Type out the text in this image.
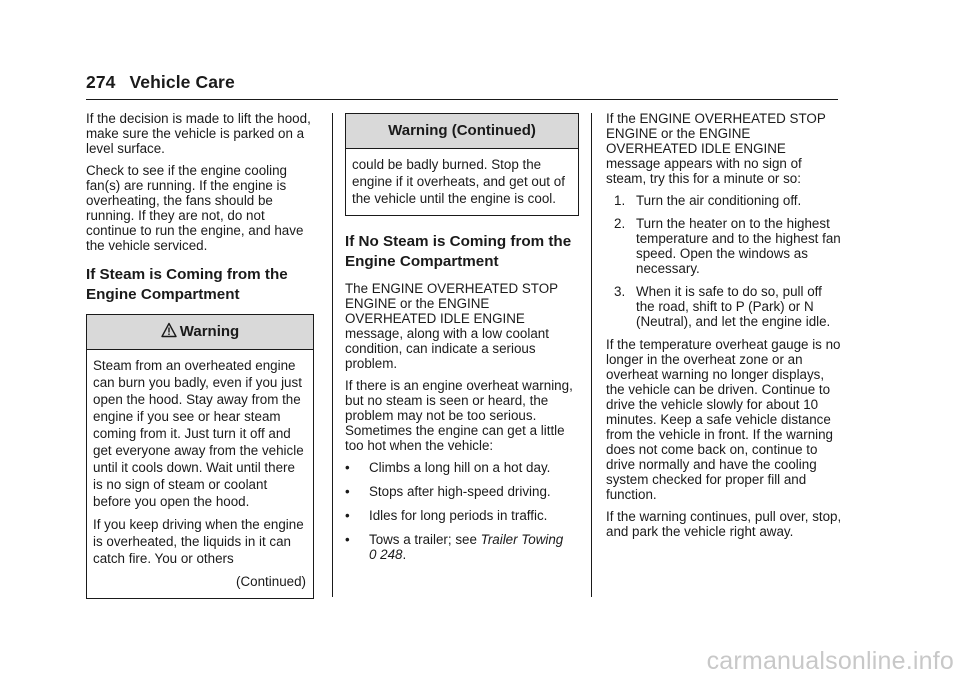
274 Vehicle Care

If the decision is made to lift the hood, make sure the vehicle is parked on a level surface.

Check to see if the engine cooling fan(s) are running. If the engine is overheating, the fans should be running. If they are not, do not continue to run the engine, and have the vehicle serviced.

If Steam is Coming from the Engine Compartment
Warning

Steam from an overheated engine can burn you badly, even if you just open the hood. Stay away from the engine if you see or hear steam coming from it. Just turn it off and get everyone away from the vehicle until it cools down. Wait until there is no sign of steam or coolant before you open the hood.

If you keep driving when the engine is overheated, the liquids in it can catch fire. You or others

(Continued)

Warning (Continued)

could be badly burned. Stop the engine if it overheats, and get out of the vehicle until the engine is cool.

If No Steam is Coming from the Engine Compartment

The ENGINE OVERHEATED STOP ENGINE or the ENGINE OVERHEATED IDLE ENGINE message, along with a low coolant condition, can indicate a serious problem.

If there is an engine overheat warning, but no steam is seen or heard, the problem may not be too serious. Sometimes the engine can get a little too hot when the vehicle:

• Climbs a long hill on a hot day.
• Stops after high-speed driving.
• Idles for long periods in traffic.
• Tows a trailer; see Trailer Towing
0 248.

If the ENGINE OVERHEATED STOP ENGINE or the ENGINE OVERHEATED IDLE ENGINE message appears with no sign of steam, try this for a minute or so:

1. Turn the air conditioning off.
2. Turn the heater on to the highest temperature and to the highest fan speed. Open the windows as necessary.
3. When it is safe to do so, pull off the road, shift to P (Park) or N (Neutral), and let the engine idle.

If the temperature overheat gauge is no longer in the overheat zone or an overheat warning no longer displays, the vehicle can be driven. Continue to drive the vehicle slowly for about 10 minutes. Keep a safe vehicle distance from the vehicle in front. If the warning does not come back on, continue to drive normally and have the cooling system checked for proper fill and function.

If the warning continues, pull over, stop, and park the vehicle right away.

carmanualsonline.info
